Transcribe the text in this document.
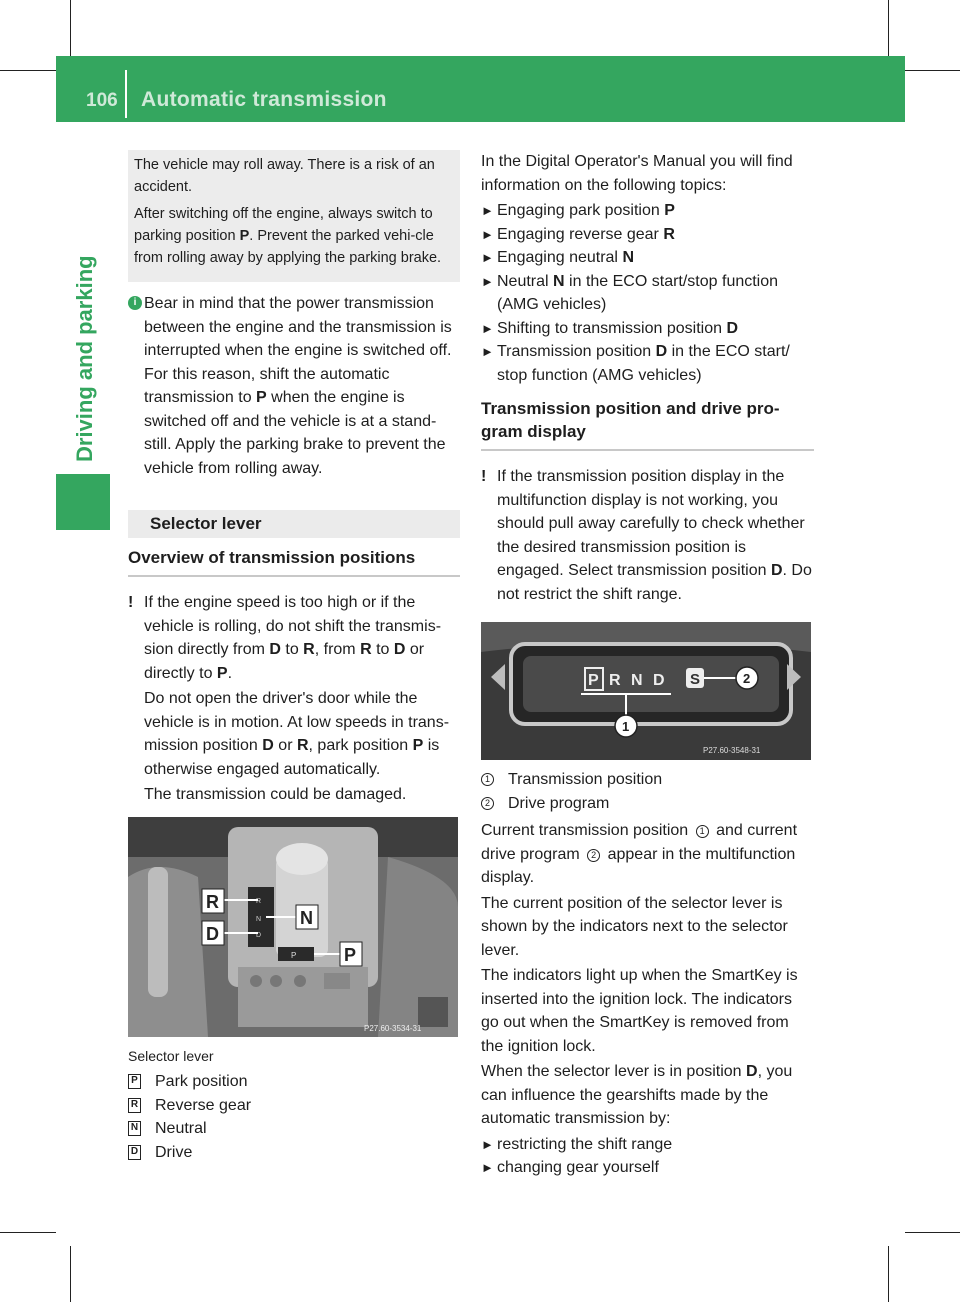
106 Automatic transmission
Driving and parking

The vehicle may roll away. There is a risk of an accident.

After switching off the engine, always switch to parking position P. Prevent the parked vehi-cle from rolling away by applying the parking brake.

i Bear in mind that the power transmission between the engine and the transmission is interrupted when the engine is switched off. For this reason, shift the automatic transmission to P when the engine is switched off and the vehicle is at a stand-still. Apply the parking brake to prevent the vehicle from rolling away.
Selector lever
Overview of transmission positions
! If the engine speed is too high or if the vehicle is rolling, do not shift the transmis-sion directly from D to R, from R to D or directly to P.

Do not open the driver's door while the vehicle is in motion. At low speeds in trans-mission position D or R, park position P is otherwise engaged automatically.

The transmission could be damaged.

R
N
D
P
R
D
N
P
P27.60-3534-31
Selector lever
P Park position
R Reverse gear
N Neutral
D Drive

In the Digital Operator's Manual you will find information on the following topics:

► Engaging park position P
► Engaging reverse gear R
► Engaging neutral N
► Neutral N in the ECO start/stop function (AMG vehicles)
► Shifting to transmission position D
► Transmission position D in the ECO start/ stop function (AMG vehicles)
Transmission position and drive pro-gram display
! If the transmission position display in the multifunction display is not working, you should pull away carefully to check whether the desired transmission position is engaged. Select transmission position D. Do not restrict the shift range.
P R N D S
1
2
P27.60-3548-31
1 Transmission position
2 Drive program

Current transmission position 1 and current drive program 2 appear in the multifunction display.

The current position of the selector lever is shown by the indicators next to the selector lever.

The indicators light up when the SmartKey is inserted into the ignition lock. The indicators go out when the SmartKey is removed from the ignition lock.

When the selector lever is in position D, you can influence the gearshifts made by the automatic transmission by:

► restricting the shift range
► changing gear yourself
